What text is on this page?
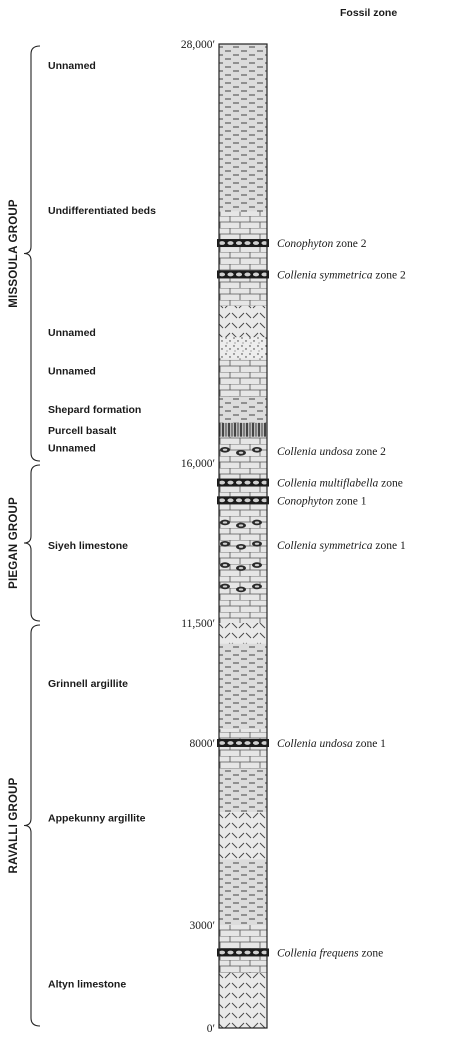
Fossil zone
28,000′
16,000′
11,500′
8000′
3000′
0′
MISSOULA GROUP
PIEGAN GROUP
RAVALLI GROUP
Unnamed
Undifferentiated beds
Unnamed
Unnamed
Shepard formation
Purcell basalt
Unnamed
Siyeh limestone
Grinnell argillite
Appekunny argillite
Altyn limestone
Conophyton zone 2
Collenia symmetrica zone 2
Collenia undosa zone 2
Collenia multiflabella zone
Conophyton zone 1
Collenia symmetrica zone 1
Collenia undosa zone 1
Collenia frequens zone
